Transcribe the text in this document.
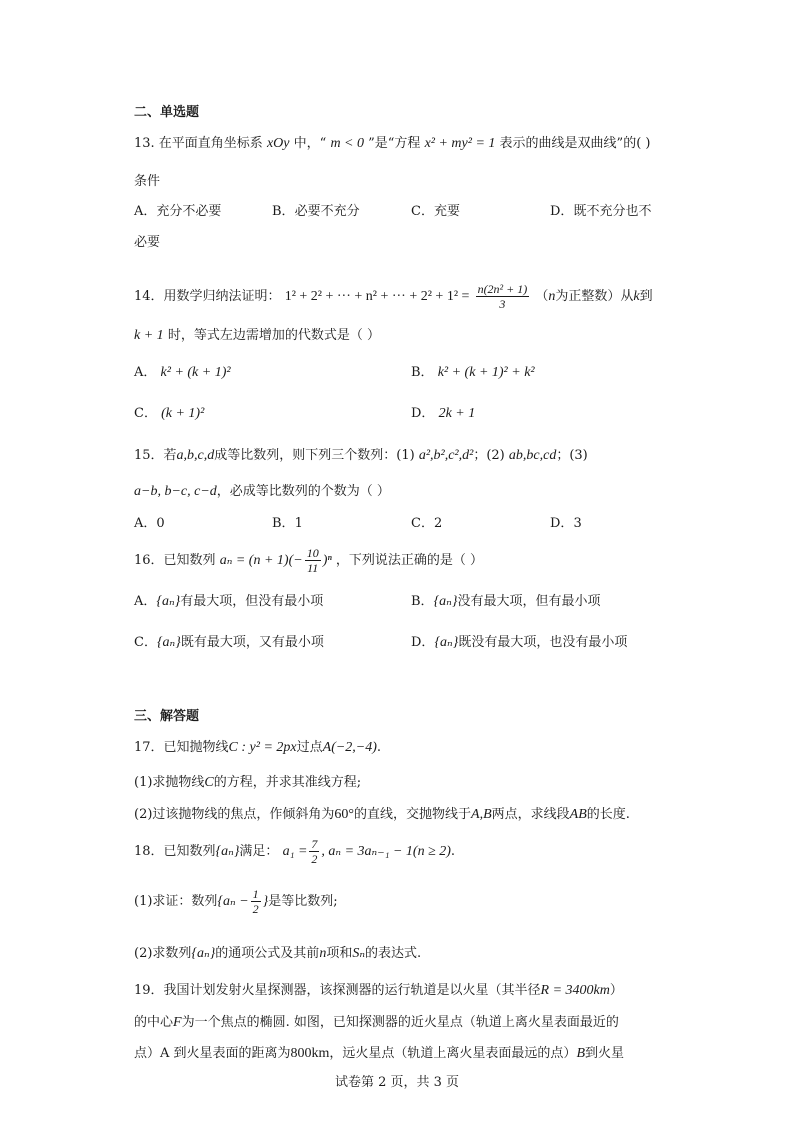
二、单选题
13. 在平面直角坐标系 xOy 中，“ m < 0 ”是“方程 x² + my² = 1 表示的曲线是双曲线”的( )
条件
A．充分不必要	B．必要不充分	C．充要	D．既不充分也不
必要
14．用数学归纳法证明： 1² + 2² + ··· + n² + ··· + $2^2 + 1^2 = \frac{\text{n(2n² + 1)}}{3} (n$为正整数）从k到
k + 1 时，等式左边需增加的代数式是（ ）
A． k² + (k + 1)²	B． k² + (k + 1)² + k²
C． (k + 1)²	D． 2k + 1
15．若a,b,c,d成等比数列，则下列三个数列：(1) a²,b²,c²,d²；(2) ab,bc,cd；(3)
a−b, b−c, c−d，必成等比数列的个数为（ ）
A．0	B．1	C．2	D．3
16．已知数列 $a_n = (n + 1)(- \frac{10}{11} )^n$ ，下列说法正确的是（ ）
A．{aₙ}有最大项，但没有最小项	B．{aₙ}没有最大项，但有最小项
C．{aₙ}既有最大项，又有最小项	D．{aₙ}既没有最大项，也没有最小项
三、解答题
17．已知抛物线C : y² = 2px过点A(−2,−4).
(1)求抛物线C的方程，并求其准线方程;
(2)过该抛物线的焦点，作倾斜角为60°的直线，交抛物线于A,B两点，求线段AB的长度.
18．已知数列{aₙ}满足： $a_1 = \frac{7}{2}$ , aₙ = 3aₙ₋₁ − 1(n ≥ 2).
(1)求证：数列{$a_n - \frac{1}{2}$ }是等比数列;
(2)求数列{aₙ}的通项公式及其前n项和Sₙ的表达式.
19．我国计划发射火星探测器，该探测器的运行轨道是以火星（其半径R = 3400km）
的中心F为一个焦点的椭圆. 如图，已知探测器的近火星点（轨道上离火星表面最近的
点）A 到火星表面的距离为800km，远火星点（轨道上离火星表面最远的点）B到火星
试卷第 2 页，共 3 页
